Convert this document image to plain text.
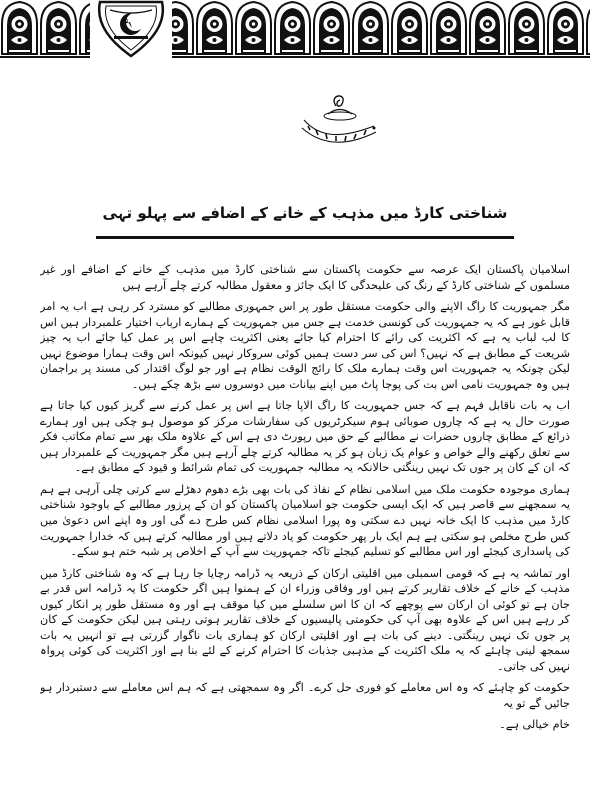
شناختی کارڈ میں مذہب کے خانے کے اضافے سے پہلو تہی

اسلامیان پاکستان ایک عرصہ سے حکومت پاکستان سے شناختی کارڈ میں مذہب کے خانے کے اضافے اور غیر مسلموں کے شناختی کارڈ کے رنگ کی علیحدگی کا ایک جائز و معقول مطالبہ کرتے چلے آرہے ہیں

مگر جمہوریت کا راگ الاپنے والی حکومت مستقل طور پر اس جمہوری مطالبے کو مسترد کر رہی ہے اب یہ امر قابل غور ہے کہ یہ جمہوریت کی کونسی خدمت ہے جس میں جمہوریت کے ہمارے ارباب اختیار علمبردار ہیں اس کا لب لباب یہ ہے کہ اکثریت کی رائے کا احترام کیا جائے یعنی اکثریت چاہے اس پر عمل کیا جائے اب یہ چیز شریعت کے مطابق ہے کہ نہیں؟ اس کی سر دست ہمیں کوئی سروکار نہیں کیونکہ اس وقت ہمارا موضوع نہیں لیکن چونکہ یہ جمہوریت اس وقت ہمارے ملک کا رائج الوقت نظام ہے اور جو لوگ اقتدار کی مسند پر براجمان ہیں وہ جمہوریت نامی اس بت کی پوجا پاٹ میں اپنے بیانات میں دوسروں سے بڑھ چکے ہیں۔

اب یہ بات ناقابل فہم ہے کہ جس جمہوریت کا راگ الاپا جاتا ہے اس پر عمل کرنے سے گریز کیوں کیا جاتا ہے صورت حال یہ ہے کہ چاروں صوبائی ہوم سیکرٹریوں کی سفارشات مرکز کو موصول ہو چکی ہیں اور ہمارے ذرائع کے مطابق چاروں حضرات نے مطالبے کے حق میں رپورٹ دی ہے اس کے علاوہ ملک بھر سے تمام مکاتب فکر سے تعلق رکھنے والے خواص و عوام یک زبان ہو کر یہ مطالبہ کرتے چلے آرہے ہیں مگر جمہوریت کے علمبردار ہیں کہ ان کے کان پر جوں تک نہیں رینگتی حالانکہ یہ مطالبہ جمہوریت کی تمام شرائط و قیود کے مطابق ہے۔

ہماری موجودہ حکومت ملک میں اسلامی نظام کے نفاذ کی بات بھی بڑے دھوم دھڑلے سے کرتی چلی آرہی ہے ہم یہ سمجھنے سے قاصر ہیں کہ ایک ایسی حکومت جو اسلامیان پاکستان کو ان کے پرزور مطالبے کے باوجود شناختی کارڈ میں مذہب کا ایک خانہ نہیں دے سکتی وہ پورا اسلامی نظام کس طرح دے گی اور وہ اپنے اس دعویٰ میں کس طرح مخلص ہو سکتی ہے ہم ایک بار پھر حکومت کو یاد دلاتے ہیں اور مطالبہ کرتے ہیں کہ خدارا جمہوریت کی پاسداری کیجئے اور اس مطالبے کو تسلیم کیجئے تاکہ جمہوریت سے آپ کے اخلاص پر شبہ ختم ہو سکے۔

اور تماشہ یہ ہے کہ قومی اسمبلی میں اقلیتی ارکان کے ذریعہ یہ ڈرامہ رچایا جا رہا ہے کہ وہ شناختی کارڈ میں مذہب کے خانے کے خلاف تقاریر کرتے ہیں اور وفاقی وزراء ان کے ہمنوا ہیں اگر حکومت کا یہ ڈرامہ اس قدر بے جان ہے تو کوئی ان ارکان سے پوچھے کہ ان کا اس سلسلے میں کیا موقف ہے اور وہ مستقل طور پر انکار کیوں کر رہے ہیں اس کے علاوہ بھی آپ کی حکومتی پالیسیوں کے خلاف تقاریر ہوتی رہتی ہیں لیکن حکومت کے کان پر جوں تک نہیں رینگتی۔ دینے کی بات ہے اور اقلیتی ارکان کو ہماری بات ناگوار گزرتی ہے تو انہیں یہ بات سمجھ لینی چاہئے کہ یہ ملک اکثریت کے مذہبی جذبات کا احترام کرنے کے لئے بنا ہے اور اکثریت کی کوئی پرواہ نہیں کی جاتی۔

حکومت کو چاہئے کہ وہ اس معاملے کو فوری حل کرے۔ اگر وہ سمجھتی ہے کہ ہم اس معاملے سے دستبردار ہو جائیں گے تو یہ

خام خیالی ہے۔
